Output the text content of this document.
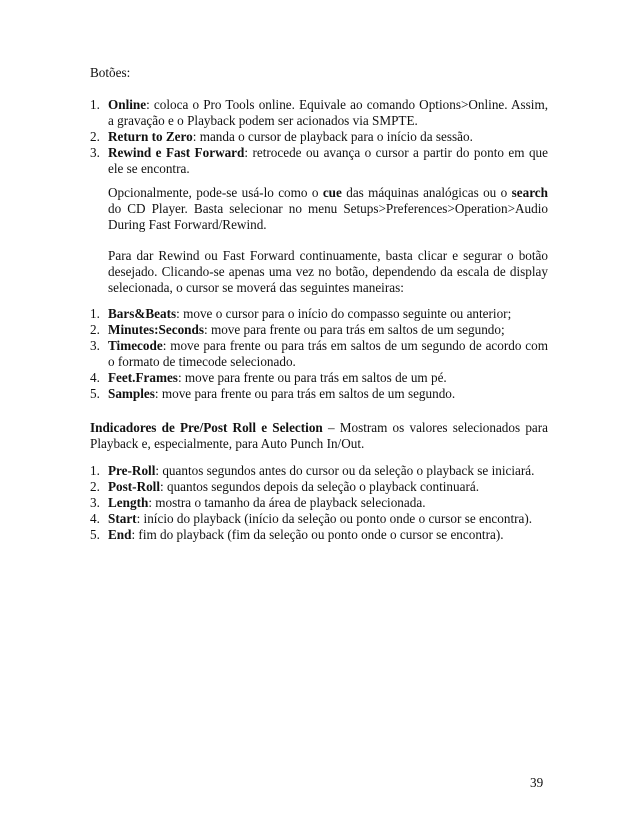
Botões:
1. Online: coloca o Pro Tools online. Equivale ao comando Options>Online. Assim, a gravação e o Playback podem ser acionados via SMPTE.
2. Return to Zero: manda o cursor de playback para o início da sessão.
3. Rewind e Fast Forward: retrocede ou avança o cursor a partir do ponto em que ele se encontra.
Opcionalmente, pode-se usá-lo como o cue das máquinas analógicas ou o search do CD Player. Basta selecionar no menu Setups>Preferences>Operation>Audio During Fast Forward/Rewind.
Para dar Rewind ou Fast Forward continuamente, basta clicar e segurar o botão desejado. Clicando-se apenas uma vez no botão, dependendo da escala de display selecionada, o cursor se moverá das seguintes maneiras:
1. Bars&Beats: move o cursor para o início do compasso seguinte ou anterior;
2. Minutes:Seconds: move para frente ou para trás em saltos de um segundo;
3. Timecode: move para frente ou para trás em saltos de um segundo de acordo com o formato de timecode selecionado.
4. Feet.Frames: move para frente ou para trás em saltos de um pé.
5. Samples: move para frente ou para trás em saltos de um segundo.
Indicadores de Pre/Post Roll e Selection – Mostram os valores selecionados para Playback e, especialmente, para Auto Punch In/Out.
1. Pre-Roll: quantos segundos antes do cursor ou da seleção o playback se iniciará.
2. Post-Roll: quantos segundos depois da seleção o playback continuará.
3. Length: mostra o tamanho da área de playback selecionada.
4. Start: início do playback (início da seleção ou ponto onde o cursor se encontra).
5. End: fim do playback (fim da seleção ou ponto onde o cursor se encontra).
39
